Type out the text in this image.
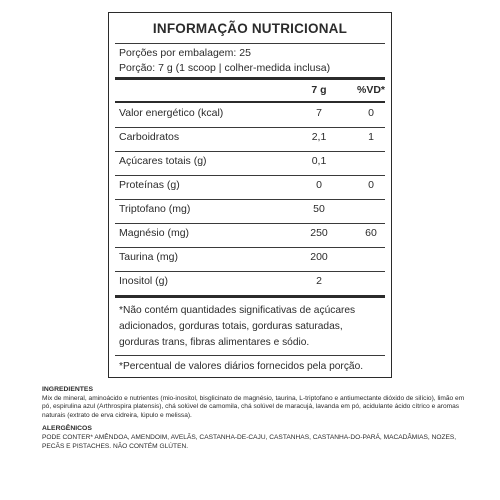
INFORMAÇÃO NUTRICIONAL
Porções por embalagem: 25
Porção: 7 g (1 scoop | colher-medida inclusa)
7 g	%VD*
Valor energético (kcal)	7	0
Carboidratos	2,1	1
Açúcares totais (g)	0,1
Proteínas (g)	0	0
Triptofano (mg)	50
Magnésio (mg)	250	60
Taurina (mg)	200
Inositol (g)	2
*Não contém quantidades significativas de açúcares
adicionados, gorduras totais, gorduras saturadas,
gorduras trans, fibras alimentares e sódio.
*Percentual de valores diários fornecidos pela porção.
INGREDIENTES

Mix de mineral, aminoácido e nutrientes (mio-inositol, bisglicinato de magnésio, taurina, L-triptofano e antiumectante dióxido de silício), limão em pó, espirulina azul (Arthrospira platensis), chá solúvel de camomila, chá solúvel de maracujá, lavanda em pó, acidulante ácido cítrico e aromas naturais (extrato de erva cidreira, lúpulo e melissa).

ALERGÊNICOS

PODE CONTER* AMÊNDOA, AMENDOIM, AVELÃS, CASTANHA-DE-CAJU, CASTANHAS, CASTANHA-DO-PARÁ, MACADÂMIAS, NOZES, PECÃS E PISTACHES. NÃO CONTÉM GLÚTEN.
